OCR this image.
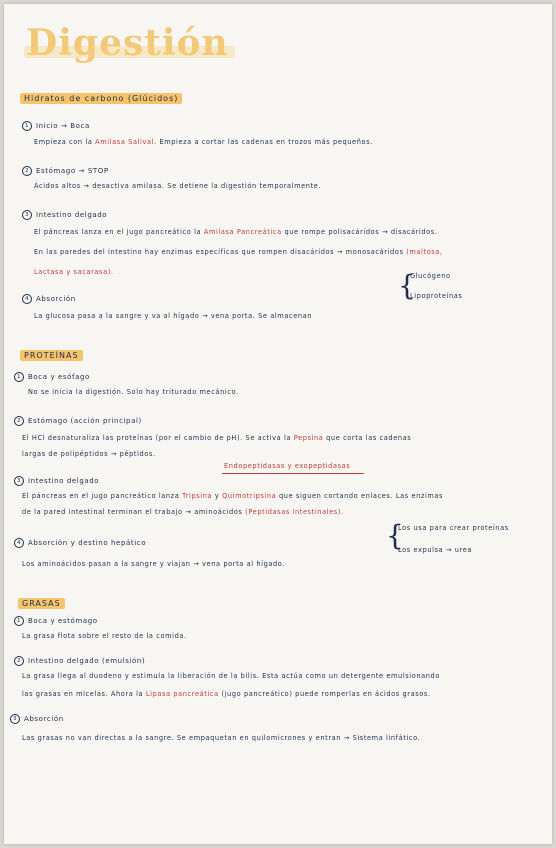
Digestión
Hidratos de carbono (Glúcidos)
1 Inicio → Boca
Empieza con la Amilasa Salival. Empieza a cortar las cadenas en trozos más pequeños.
2 Estómago → STOP
Ácidos altos → desactiva amilasa. Se detiene la digestión temporalmente.
3 Intestino delgado
El páncreas lanza en el jugo pancreático la Amilasa Pancreática que rompe polisacáridos → disacáridos.
En las paredes del intestino hay enzimas específicas que rompen disacáridos → monosacáridos (maltosa,
Lactasa y sacarasa).
4 Absorción
La glucosa pasa a la sangre y va al hígado → vena porta. Se almacenan
{
Glucógeno
Lipoproteínas
PROTEÍNAS
1 Boca y esófago
No se inicia la digestión. Solo hay triturado mecánico.
2 Estómago (acción principal)
El HCl desnaturaliza las proteínas (por el cambio de pH). Se activa la Pepsina que corta las cadenas
largas de polipéptidos → péptidos.
Endopeptidasas y exopeptidasas
3 Intestino delgado
El páncreas en el jugo pancreático lanza Tripsina y Quimotripsina que siguen cortando enlaces. Las enzimas
de la pared intestinal terminan el trabajo → aminoácidos (Peptidasas intestinales).
4 Absorción y destino hepático
Los aminoácidos pasan a la sangre y viajan → vena porta al hígado.
{
Los usa para crear proteínas
Los expulsa → urea
GRASAS
1 Boca y estómago
La grasa flota sobre el resto de la comida.
2 Intestino delgado (emulsión)
La grasa llega al duodeno y estimula la liberación de la bilis. Esta actúa como un detergente emulsionando
las grasas en micelas. Ahora la Lipasa pancreática (jugo pancreático) puede romperlas en ácidos grasos.
3 Absorción
Las grasas no van directas a la sangre. Se empaquetan en quilomicrones y entran → Sistema linfático.
